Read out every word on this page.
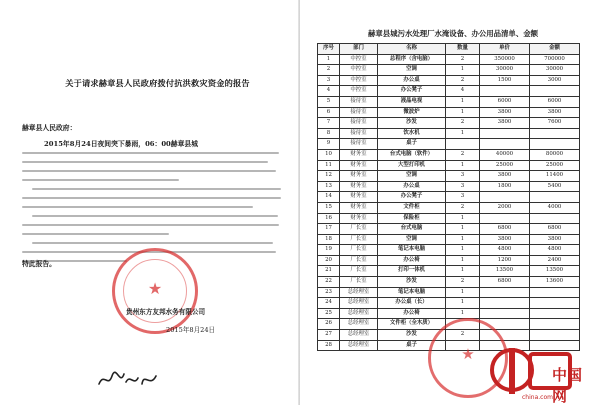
关于请求赫章县人民政府拨付抗洪救灾资金的报告
赫章县人民政府：
2015年8月24日夜间突下暴雨，06：00赫章县城
特此报告。
★
贵州东方友邦水务有限公司
2015年8月24日
赫章县城污水处理厂水淹设备、办公用品清单、金额
序号	部门	名称	数量	单价	金额
1	中控室	总程序（含电脑）	2	350000	700000
2	中控室	空调	1	30000	30000
3	中控室	办公桌	2	1500	3000
4	中控室	办公凳子	4		
5	接待室	液晶电视	1	6000	6000
6	接待室	微波炉	1	3800	3800
7	接待室	沙发	2	3800	7600
8	接待室	饮水机	1		
9	接待室	桌子			
10	财务室	台式电脑（软件）	2	40000	80000
11	财务室	大型打印机	1	25000	25000
12	财务室	空调	3	3800	11400
13	财务室	办公桌	3	1800	5400
14	财务室	办公凳子	3		
15	财务室	文件柜	2	2000	4000
16	财务室	保险柜	1		
17	厂长室	台式电脑	1	6800	6800
18	厂长室	空调	1	3800	3800
19	厂长室	笔记本电脑	1	4800	4800
20	厂长室	办公椅	1	1200	2400
21	厂长室	打印一体机	1	13500	13500
22	厂长室	沙发	2	6800	13600
23	总经理室	笔记本电脑	1		
24	总经理室	办公桌（长）	1		
25	总经理室	办公椅	1		
26	总经理室	文件柜（全木质）			
27	总经理室	沙发	2		
28	总经理室	桌子			
★
中国网
china.com
